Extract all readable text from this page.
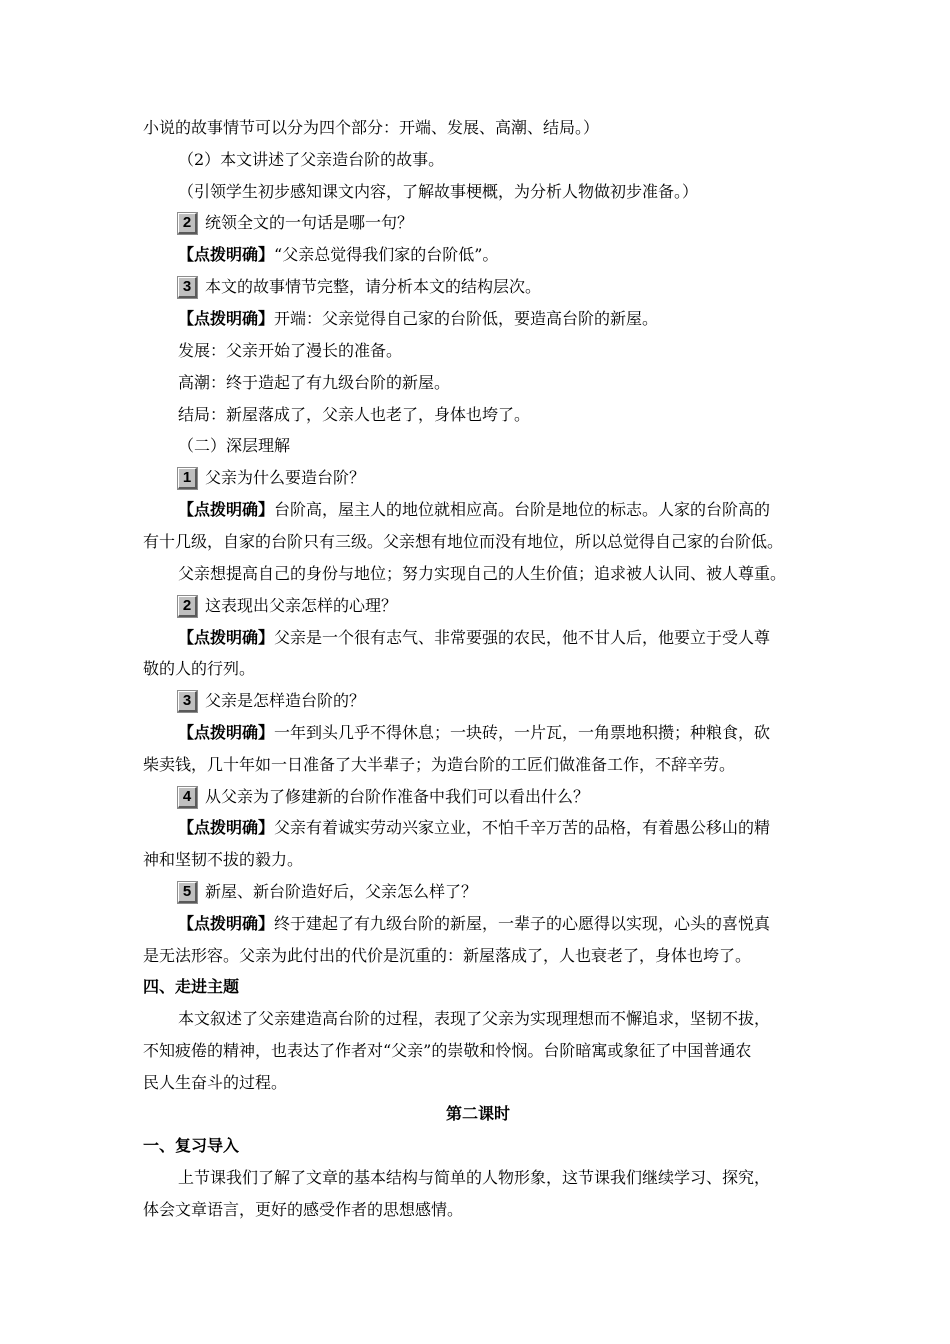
小说的故事情节可以分为四个部分：开端、发展、高潮、结局。）
（2）本文讲述了父亲造台阶的故事。
（引领学生初步感知课文内容，了解故事梗概，为分析人物做初步准备。）
2 统领全文的一句话是哪一句？
【点拨明确】“父亲总觉得我们家的台阶低”。
3 本文的故事情节完整，请分析本文的结构层次。
【点拨明确】开端：父亲觉得自己家的台阶低，要造高台阶的新屋。
发展：父亲开始了漫长的准备。
高潮：终于造起了有九级台阶的新屋。
结局：新屋落成了，父亲人也老了，身体也垮了。
（二）深层理解
1 父亲为什么要造台阶？
【点拨明确】台阶高，屋主人的地位就相应高。台阶是地位的标志。人家的台阶高的
有十几级，自家的台阶只有三级。父亲想有地位而没有地位，所以总觉得自己家的台阶低。
父亲想提高自己的身份与地位；努力实现自己的人生价值；追求被人认同、被人尊重。
2 这表现出父亲怎样的心理？
【点拨明确】父亲是一个很有志气、非常要强的农民，他不甘人后，他要立于受人尊
敬的人的行列。
3 父亲是怎样造台阶的？
【点拨明确】一年到头几乎不得休息；一块砖，一片瓦，一角票地积攒；种粮食，砍
柴卖钱，几十年如一日准备了大半辈子；为造台阶的工匠们做准备工作，不辞辛劳。
4 从父亲为了修建新的台阶作准备中我们可以看出什么？
【点拨明确】父亲有着诚实劳动兴家立业，不怕千辛万苦的品格，有着愚公移山的精
神和坚韧不拔的毅力。
5 新屋、新台阶造好后，父亲怎么样了？
【点拨明确】终于建起了有九级台阶的新屋，一辈子的心愿得以实现，心头的喜悦真
是无法形容。父亲为此付出的代价是沉重的：新屋落成了，人也衰老了，身体也垮了。
四、走进主题
本文叙述了父亲建造高台阶的过程，表现了父亲为实现理想而不懈追求，坚韧不拔，
不知疲倦的精神，也表达了作者对“父亲”的崇敬和怜悯。台阶暗寓或象征了中国普通农
民人生奋斗的过程。
第二课时
一、复习导入
上节课我们了解了文章的基本结构与简单的人物形象，这节课我们继续学习、探究，
体会文章语言，更好的感受作者的思想感情。
